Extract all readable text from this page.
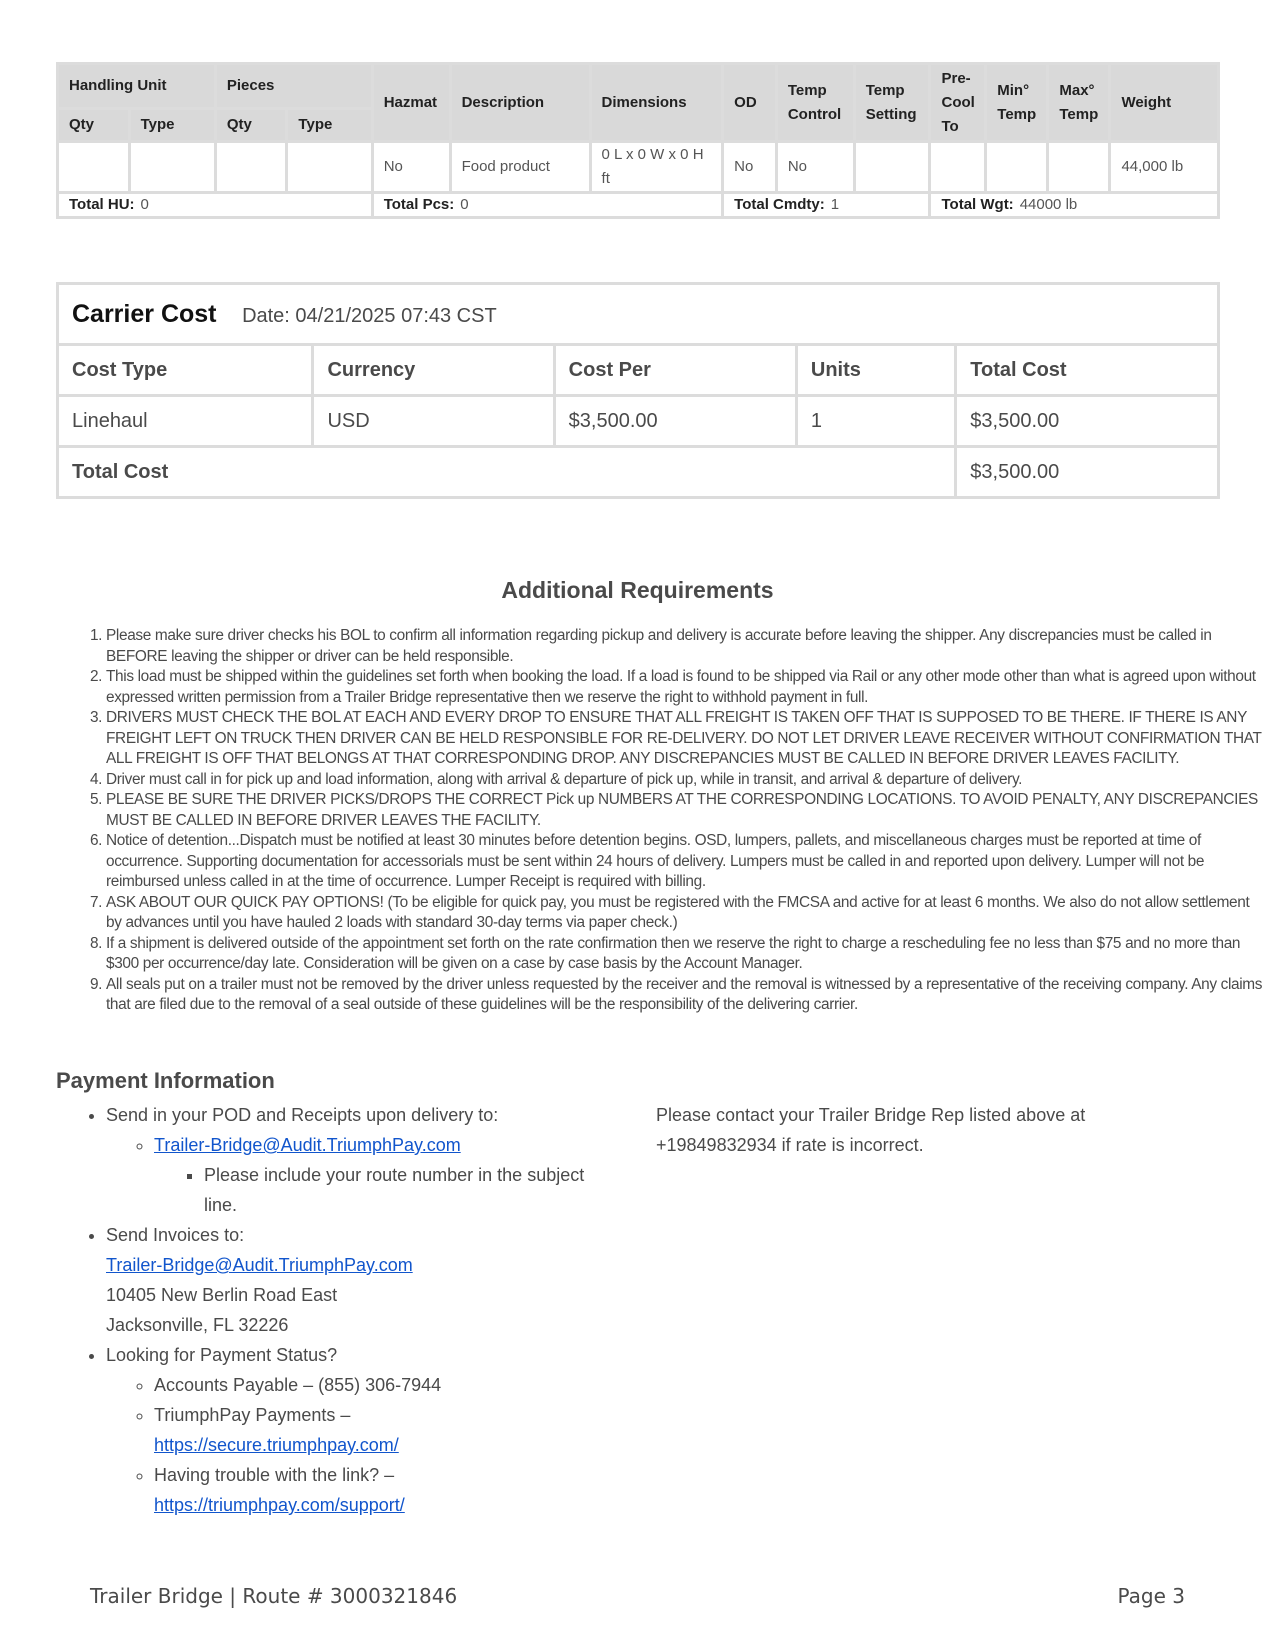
Handling Unit		Pieces		Hazmat	Description	Dimensions	OD	Temp Control	Temp Setting	Pre-Cool To	Min° Temp	Max° Temp	Weight
Qty	Type	Qty	Type										
				No	Food product	0 L x 0 W x 0 H ft	No	No					44,000 lb
Total HU: 0				Total Pcs: 0			Total Cmdty: 1			Total Wgt: 44000 lb			
Carrier Cost Date: 04/21/2025 07:43 CST				
Cost Type	Currency	Cost Per	Units	Total Cost
Linehaul	USD	$3,500.00	1	$3,500.00
Total Cost				$3,500.00
Additional Requirements
1. Please make sure driver checks his BOL to confirm all information regarding pickup and delivery is accurate before leaving the shipper. Any discrepancies must be called in BEFORE leaving the shipper or driver can be held responsible.
2. This load must be shipped within the guidelines set forth when booking the load. If a load is found to be shipped via Rail or any other mode other than what is agreed upon without expressed written permission from a Trailer Bridge representative then we reserve the right to withhold payment in full.
3. DRIVERS MUST CHECK THE BOL AT EACH AND EVERY DROP TO ENSURE THAT ALL FREIGHT IS TAKEN OFF THAT IS SUPPOSED TO BE THERE. IF THERE IS ANY FREIGHT LEFT ON TRUCK THEN DRIVER CAN BE HELD RESPONSIBLE FOR RE-DELIVERY. DO NOT LET DRIVER LEAVE RECEIVER WITHOUT CONFIRMATION THAT ALL FREIGHT IS OFF THAT BELONGS AT THAT CORRESPONDING DROP. ANY DISCREPANCIES MUST BE CALLED IN BEFORE DRIVER LEAVES FACILITY.
4. Driver must call in for pick up and load information, along with arrival & departure of pick up, while in transit, and arrival & departure of delivery.
5. PLEASE BE SURE THE DRIVER PICKS/DROPS THE CORRECT Pick up NUMBERS AT THE CORRESPONDING LOCATIONS. TO AVOID PENALTY, ANY DISCREPANCIES MUST BE CALLED IN BEFORE DRIVER LEAVES THE FACILITY.
6. Notice of detention...Dispatch must be notified at least 30 minutes before detention begins. OSD, lumpers, pallets, and miscellaneous charges must be reported at time of occurrence. Supporting documentation for accessorials must be sent within 24 hours of delivery. Lumpers must be called in and reported upon delivery. Lumper will not be reimbursed unless called in at the time of occurrence. Lumper Receipt is required with billing.
7. ASK ABOUT OUR QUICK PAY OPTIONS! (To be eligible for quick pay, you must be registered with the FMCSA and active for at least 6 months. We also do not allow settlement by advances until you have hauled 2 loads with standard 30-day terms via paper check.)
8. If a shipment is delivered outside of the appointment set forth on the rate confirmation then we reserve the right to charge a rescheduling fee no less than $75 and no more than $300 per occurrence/day late. Consideration will be given on a case by case basis by the Account Manager.
9. All seals put on a trailer must not be removed by the driver unless requested by the receiver and the removal is witnessed by a representative of the receiving company. Any claims that are filed due to the removal of a seal outside of these guidelines will be the responsibility of the delivering carrier.
Payment Information
• Send in your POD and Receipts upon delivery to:
◦ Trailer-Bridge@Audit.TriumphPay.com
▪ Please include your route number in the subject line.
• Send Invoices to:
Trailer-Bridge@Audit.TriumphPay.com
10405 New Berlin Road East
Jacksonville, FL 32226
• Looking for Payment Status?
◦ Accounts Payable – (855) 306-7944
◦ TriumphPay Payments –
https://secure.triumphpay.com/
◦ Having trouble with the link? –
https://triumphpay.com/support/
Please contact your Trailer Bridge Rep listed above at +19849832934 if rate is incorrect.
Trailer Bridge | Route # 3000321846	Page 3
